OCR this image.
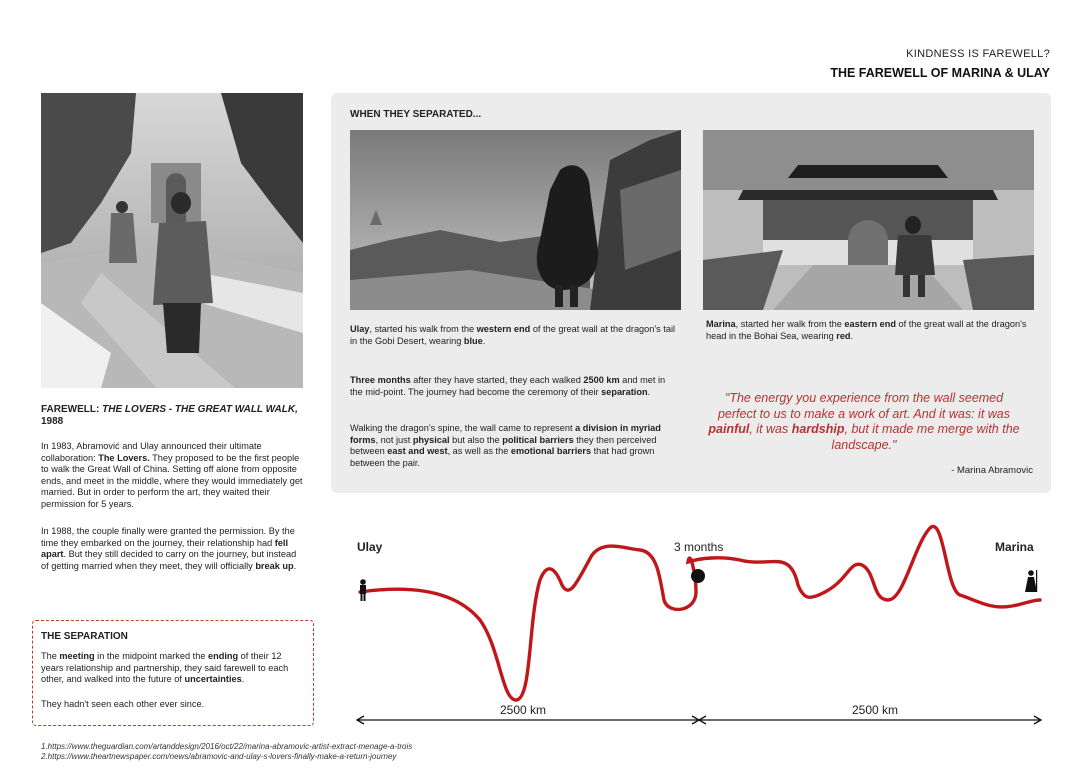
KINDNESS IS FAREWELL?
THE FAREWELL OF MARINA & ULAY
FAREWELL: THE LOVERS - THE GREAT WALL WALK,
1988
In 1983, Abramović and Ulay announced their ultimate collaboration: The Lovers. They proposed to be the first people to walk the Great Wall of China. Setting off alone from opposite ends, and meet in the middle, where they would immediately get married. But in order to perform the art, they waited their permission for 5 years.
In 1988, the couple finally were granted the permission. By the time they embarked on the journey, their relationship had fell apart. But they still decided to carry on the journey, but instead of getting married when they meet, they will officially break up.
THE SEPARATION
The meeting in the midpoint marked the ending of their 12 years relationship and partnership, they said farewell to each other, and walked into the future of uncertainties.
They hadn't seen each other ever since.
WHEN THEY SEPARATED...
Ulay, started his walk from the western end of the great wall at the dragon's tail in the Gobi Desert, wearing blue.
Marina, started her walk from the eastern end of the great wall at the dragon's head in the Bohai Sea, wearing red.
Three months after they have started, they each walked 2500 km and met in the mid-point. The journey had become the ceremony of their separation.
Walking the dragon's spine, the wall came to represent a division in myriad forms, not just physical but also the political barriers they then perceived between east and west, as well as the emotional barriers that had grown between the pair.
"The energy you experience from the wall seemed perfect to us to make a work of art. And it was: it was painful, it was hardship, but it made me merge with the landscape."
- Marina Abramovic
Ulay	Marina
3 months
2500 km	2500 km
1.https://www.theguardian.com/artanddesign/2016/oct/22/marina-abramovic-artist-extract-menage-a-trois
2.https://www.theartnewspaper.com/news/abramovic-and-ulay-s-lovers-finally-make-a-return-journey
